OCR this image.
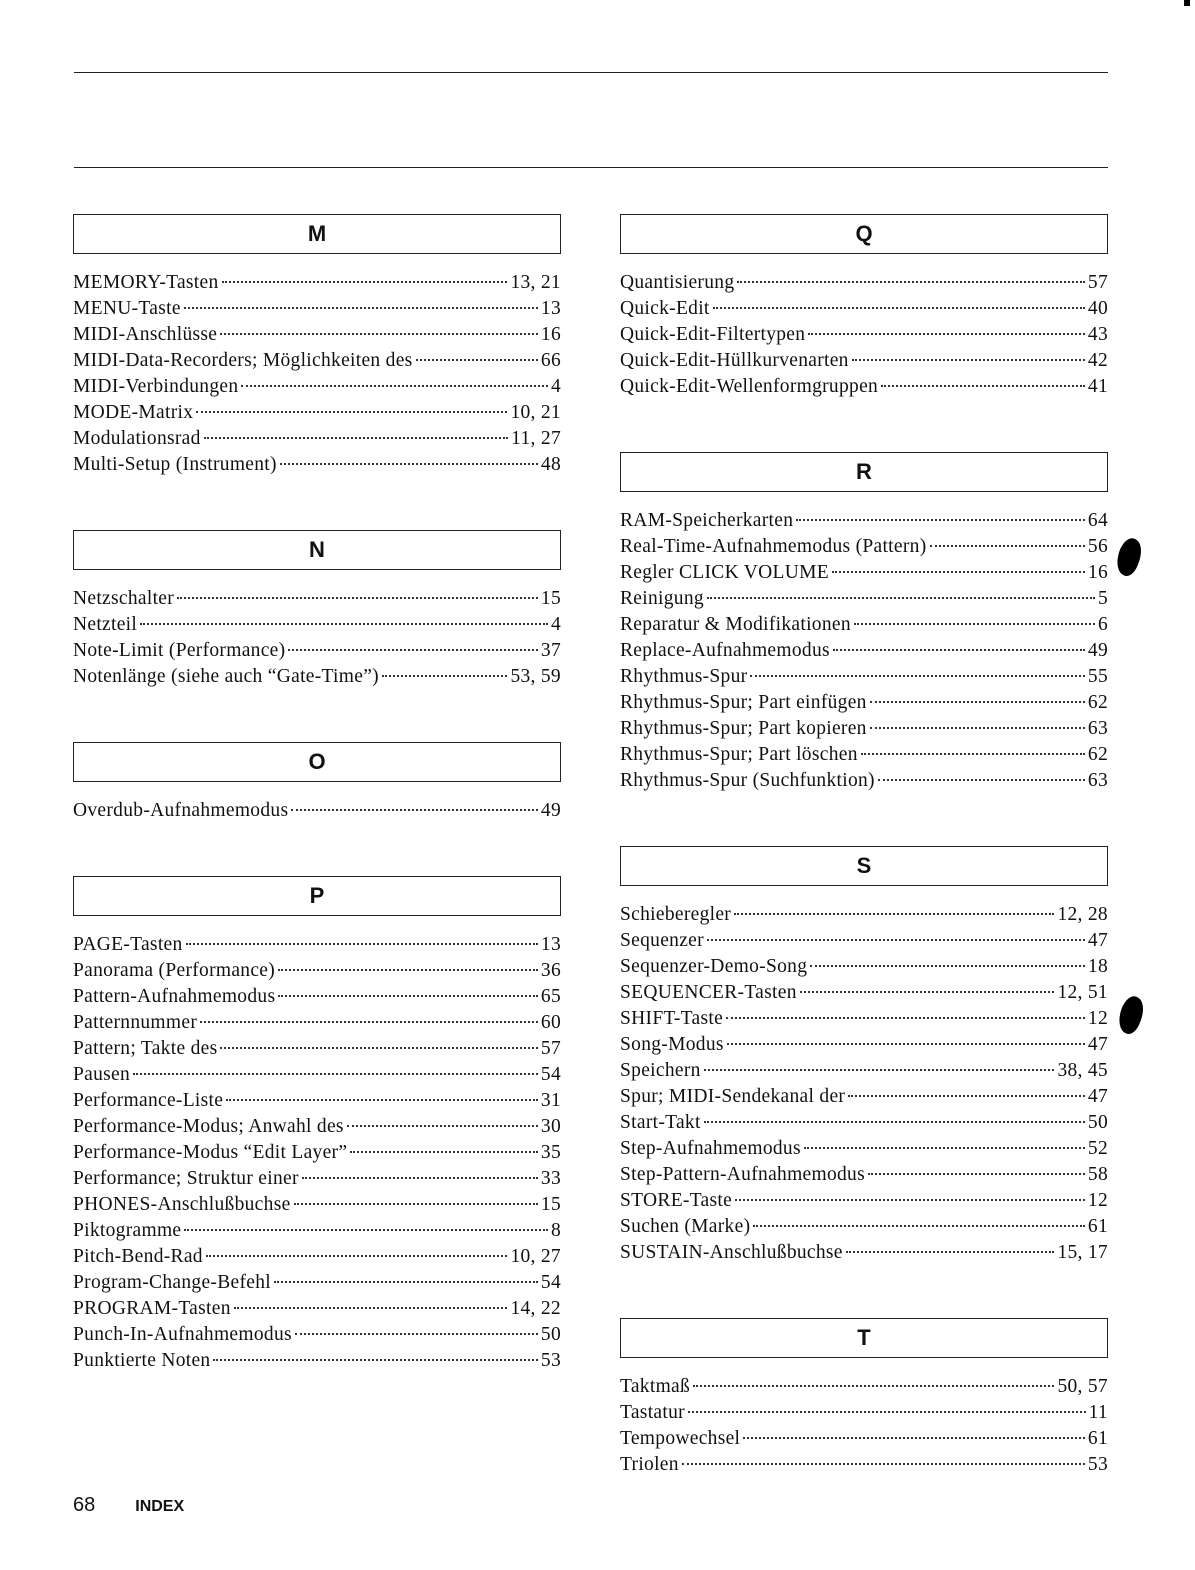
M
MEMORY-Tasten	13, 21
MENU-Taste	13
MIDI-Anschlüsse	16
MIDI-Data-Recorders; Möglichkeiten des	66
MIDI-Verbindungen	4
MODE-Matrix	10, 21
Modulationsrad	11, 27
Multi-Setup (Instrument)	48
N
Netzschalter	15
Netzteil	4
Note-Limit (Performance)	37
Notenlänge (siehe auch “Gate-Time”)	53, 59
O
Overdub-Aufnahmemodus	49
P
PAGE-Tasten	13
Panorama (Performance)	36
Pattern-Aufnahmemodus	65
Patternnummer	60
Pattern; Takte des	57
Pausen	54
Performance-Liste	31
Performance-Modus; Anwahl des	30
Performance-Modus “Edit Layer”	35
Performance; Struktur einer	33
PHONES-Anschlußbuchse	15
Piktogramme	8
Pitch-Bend-Rad	10, 27
Program-Change-Befehl	54
PROGRAM-Tasten	14, 22
Punch-In-Aufnahmemodus	50
Punktierte Noten	53
Q
Quantisierung	57
Quick-Edit	40
Quick-Edit-Filtertypen	43
Quick-Edit-Hüllkurvenarten	42
Quick-Edit-Wellenformgruppen	41
R
RAM-Speicherkarten	64
Real-Time-Aufnahmemodus (Pattern)	56
Regler CLICK VOLUME	16
Reinigung	5
Reparatur & Modifikationen	6
Replace-Aufnahmemodus	49
Rhythmus-Spur	55
Rhythmus-Spur; Part einfügen	62
Rhythmus-Spur; Part kopieren	63
Rhythmus-Spur; Part löschen	62
Rhythmus-Spur (Suchfunktion)	63
S
Schieberegler	12, 28
Sequenzer	47
Sequenzer-Demo-Song	18
SEQUENCER-Tasten	12, 51
SHIFT-Taste	12
Song-Modus	47
Speichern	38, 45
Spur; MIDI-Sendekanal der	47
Start-Takt	50
Step-Aufnahmemodus	52
Step-Pattern-Aufnahmemodus	58
STORE-Taste	12
Suchen (Marke)	61
SUSTAIN-Anschlußbuchse	15, 17
T
Taktmaß	50, 57
Tastatur	11
Tempowechsel	61
Triolen	53
68	INDEX
